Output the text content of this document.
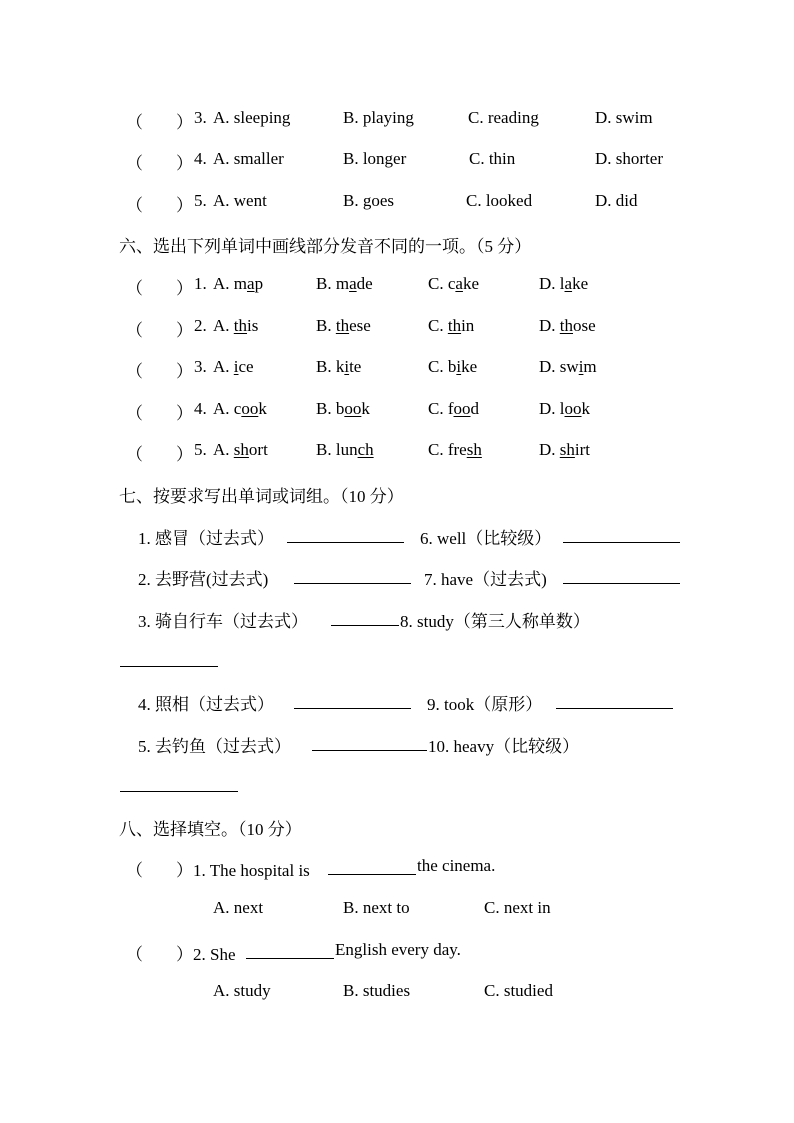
（ ） 3. A. sleeping	B. playing	C. reading	D. swim
（ ） 4. A. smaller	B. longer	C. thin	D. shorter
（ ） 5. A. went	B. goes	C. looked	D. did
六、选出下列单词中画线部分发音不同的一项。（5 分）
（ ） 1. A. map	B. made	C. cake	D. lake
（ ） 2. A. this	B. these	C. thin	D. those
（ ） 3. A. ice	B. kite	C. bike	D. swim
（ ） 4. A. cook	B. book	C. food	D. look
（ ） 5. A. short	B. lunch	C. fresh	D. shirt
七、按要求写出单词或词组。（10 分）
1. 感冒（过去式）	6. well（比较级）
2. 去野营(过去式)	7. have（过去式)
3. 骑自行车（过去式）	8. study（第三人称单数）
4. 照相（过去式）	9. took（原形）
5. 去钓鱼（过去式）	10. heavy（比较级）
八、选择填空。（10 分）
（ ）1. The hospital is	the cinema.
A. next	B. next to	C. next in
（ ）2. She	English every day.
A. study	B. studies	C. studied
